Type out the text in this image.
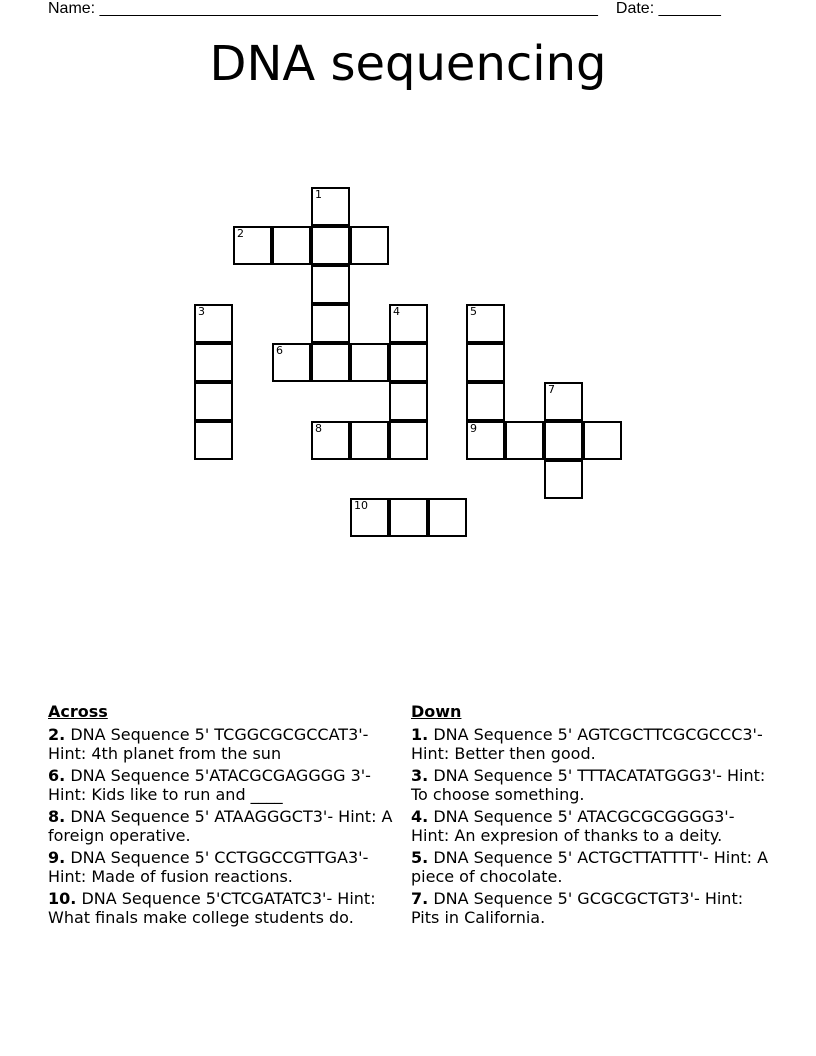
Name: ________________________________________________________ Date: _______
DNA sequencing
1
2
3	4	5
6
7
8	9
10
Across
2. DNA Sequence 5' TCGGCGCGCCAT3'- Hint: 4th planet from the sun
6. DNA Sequence 5'ATACGCGAGGGG 3'- Hint: Kids like to run and ____
8. DNA Sequence 5' ATAAGGGCT3'- Hint: A foreign operative.
9. DNA Sequence 5' CCTGGCCGTTGA3'- Hint: Made of fusion reactions.
10. DNA Sequence 5'CTCGATATC3'- Hint: What finals make college students do.
Down
1. DNA Sequence 5' AGTCGCTTCGCGCCC3'- Hint: Better then good.
3. DNA Sequence 5' TTTACATATGGG3'- Hint: To choose something.
4. DNA Sequence 5' ATACGCGCGGGG3'- Hint: An expresion of thanks to a deity.
5. DNA Sequence 5' ACTGCTTATTTT'- Hint: A piece of chocolate.
7. DNA Sequence 5' GCGCGCTGT3'- Hint: Pits in California.
